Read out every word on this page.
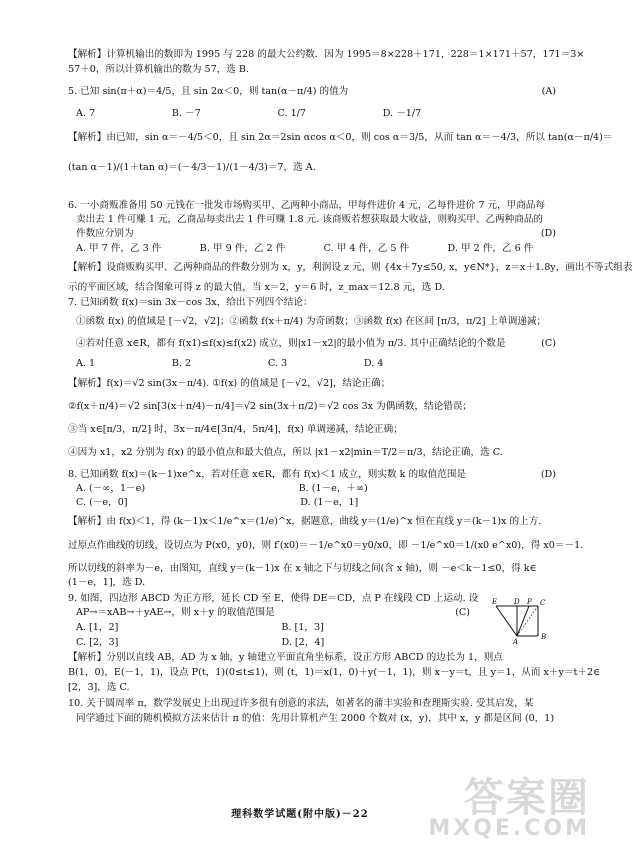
【解析】计算机输出的数即为 1995 与 228 的最大公约数．因为 1995＝8×228＋171，228＝1×171＋57，171＝3×
57＋0，所以计算机输出的数为 57，选 B.
5. 已知 sin(π＋α)＝4/5，且 sin 2α＜0，则 tan(α－π/4) 的值为	(A)
A. 7　　　　　　　　B. －7　　　　　　　　C. 1/7　　　　　　　　D. －1/7
【解析】由已知，sin α＝－4/5＜0，且 sin 2α＝2sin αcos α＜0，则 cos α＝3/5，从而 tan α＝－4/3，所以 tan(α－π/4)＝
(tan α－1)/(1＋tan α)＝(－4/3－1)/(1－4/3)＝7，选 A.
6. 一小商贩准备用 50 元钱在一批发市场购买甲、乙两种小商品，甲每件进价 4 元，乙每件进价 7 元，甲商品每
卖出去 1 件可赚 1 元，乙商品每卖出去 1 件可赚 1.8 元. 该商贩若想获取最大收益，则购买甲、乙两种商品的
件数应分别为	(D)
A. 甲 7 件，乙 3 件　　　　B. 甲 9 件，乙 2 件　　　　C. 甲 4 件，乙 5 件　　　　D. 甲 2 件，乙 6 件
【解析】设商贩购买甲、乙两种商品的件数分别为 x，y，利润设 z 元，则 {4x＋7y≤50, x，y∈N*}，z＝x＋1.8y，画出不等式组表
示的平面区域，结合图象可得 z 的最大值，当 x＝2，y＝6 时，z_max＝12.8 元，选 D.
7. 已知函数 f(x)＝sin 3x－cos 3x，给出下列四个结论：
①函数 f(x) 的值域是 [－√2，√2]；②函数 f(x＋π/4) 为奇函数；③函数 f(x) 在区间 [π/3，π/2] 上单调递减；
④若对任意 x∈R，都有 f(x1)≤f(x)≤f(x2) 成立，则|x1－x2|的最小值为 π/3. 其中正确结论的个数是	(C)
A. 1　　　　　　　　B. 2　　　　　　　　C. 3　　　　　　　　D. 4
【解析】f(x)＝√2 sin(3x－π/4). ①f(x) 的值域是 [－√2，√2]，结论正确；
②f(x＋π/4)＝√2 sin[3(x＋π/4)－π/4]＝√2 sin(3x＋π/2)＝√2 cos 3x 为偶函数，结论错误；
③当 x∈[π/3，π/2] 时，3x－π/4∈[3π/4，5π/4]，f(x) 单调递减，结论正确；
④因为 x1，x2 分别为 f(x) 的最小值点和最大值点，所以 |x1－x2|min＝T/2＝π/3，结论正确，选 C.
8. 已知函数 f(x)＝(k－1)xe^x，若对任意 x∈R，都有 f(x)＜1 成立，则实数 k 的取值范围是	(D)
A. (－∞，1－e)　　　　　　　　　　　　　　　　B. (1－e，＋∞)
C. (－e，0]　　　　　　　　　　　　　　　　　　D. (1－e，1]
【解析】由 f(x)＜1，得 (k－1)x＜1/e^x＝(1/e)^x，据题意，曲线 y＝(1/e)^x 恒在直线 y＝(k－1)x 的上方.
过原点作曲线的切线，设切点为 P(x0，y0)，则 f′(x0)＝－1/e^x0＝y0/x0，即 －1/e^x0＝1/(x0 e^x0)，得 x0＝－1.
所以切线的斜率为－e，由图知，直线 y＝(k－1)x 在 x 轴之下与切线之间(含 x 轴)，则 －e＜k－1≤0，得 k∈
(1－e，1]，选 D.
9. 如图，四边形 ABCD 为正方形，延长 CD 至 E，使得 DE＝CD，点 P 在线段 CD 上运动. 设
AP→＝xAB→＋yAE→，则 x＋y 的取值范围是	(C)
A. [1，2]　　　　　　　　　　　　　　　　　B. [1，3]
C. [2，3]　　　　　　　　　　　　　　　　　D. [2，4]
【解析】分别以直线 AB，AD 为 x 轴，y 轴建立平面直角坐标系，设正方形 ABCD 的边长为 1，则点
B(1，0)，E(－1，1)，设点 P(t，1)(0≤t≤1)，则 (t，1)＝x(1，0)＋y(－1，1)，则 x－y＝t，且 y＝1，从而 x＋y＝t＋2∈
[2，3]，选 C.
10. 关于圆周率 π，数学发展史上出现过许多很有创意的求法，如著名的蒲丰实验和查理斯实验. 受其启发，某
同学通过下面的随机模拟方法来估计 π 的值：先用计算机产生 2000 个数对 (x，y)，其中 x，y 都是区间 (0，1)
E D P C
A
B
理科数学试题(附中版)－22	答案圈
MXQE.COM
